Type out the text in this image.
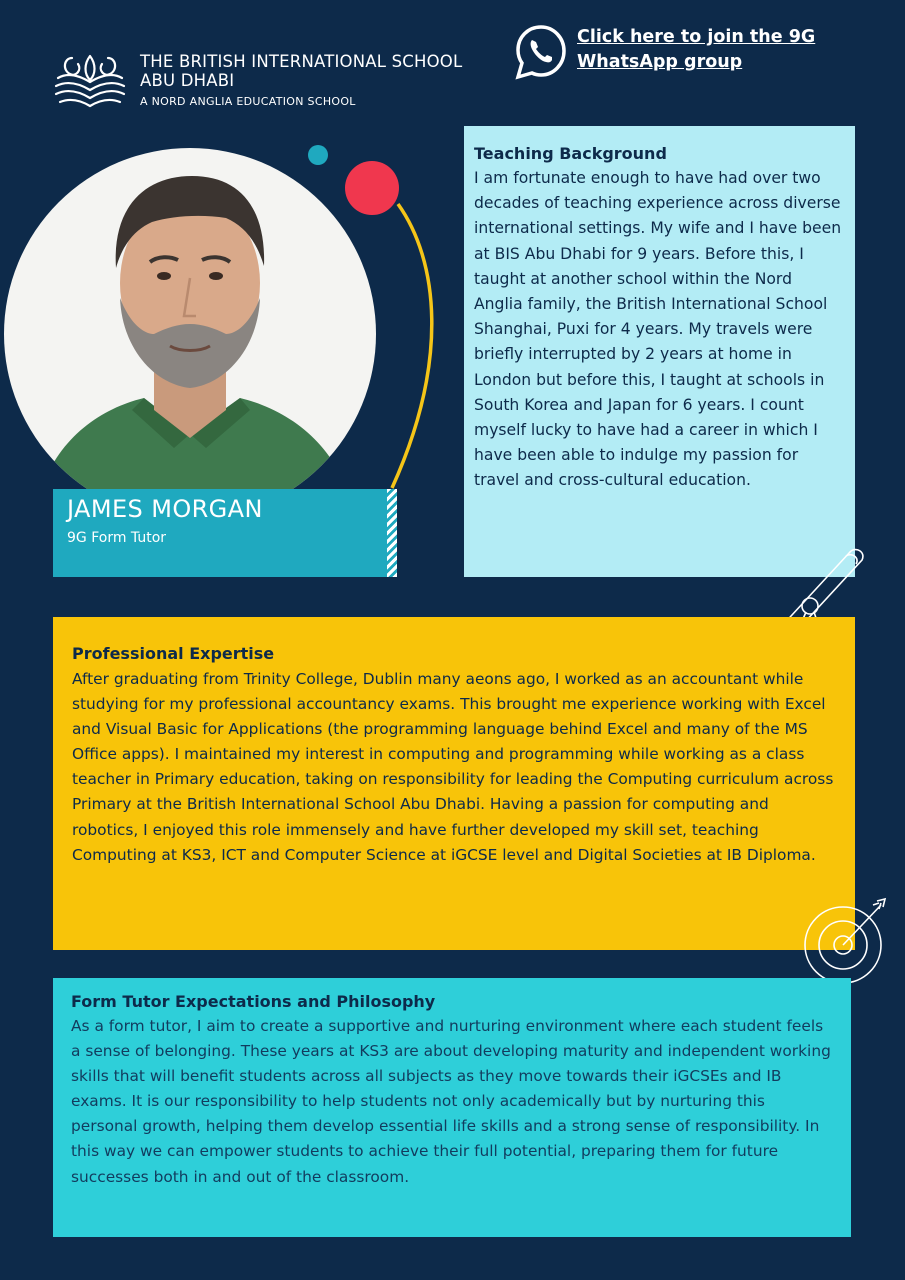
THE BRITISH INTERNATIONAL SCHOOL
ABU DHABI
A NORD ANGLIA EDUCATION SCHOOL
Click here to join the 9G
WhatsApp group
JAMES MORGAN
9G Form Tutor
Teaching Background

I am fortunate enough to have had over two decades of teaching experience across diverse international settings. My wife and I have been at BIS Abu Dhabi for 9 years. Before this, I taught at another school within the Nord Anglia family, the British International School Shanghai, Puxi for 4 years. My travels were briefly interrupted by 2 years at home in London but before this, I taught at schools in South Korea and Japan for 6 years. I count myself lucky to have had a career in which I have been able to indulge my passion for travel and cross-cultural education.

Professional Expertise

After graduating from Trinity College, Dublin many aeons ago, I worked as an accountant while studying for my professional accountancy exams. This brought me experience working with Excel and Visual Basic for Applications (the programming language behind Excel and many of the MS Office apps). I maintained my interest in computing and programming while working as a class teacher in Primary education, taking on responsibility for leading the Computing curriculum across Primary at the British International School Abu Dhabi. Having a passion for computing and robotics, I enjoyed this role immensely and have further developed my skill set, teaching Computing at KS3, ICT and Computer Science at iGCSE level and Digital Societies at IB Diploma.

Form Tutor Expectations and Philosophy

As a form tutor, I aim to create a supportive and nurturing environment where each student feels a sense of belonging. These years at KS3 are about developing maturity and independent working skills that will benefit students across all subjects as they move towards their iGCSEs and IB exams. It is our responsibility to help students not only academically but by nurturing this personal growth, helping them develop essential life skills and a strong sense of responsibility. In this way we can empower students to achieve their full potential, preparing them for future successes both in and out of the classroom.
